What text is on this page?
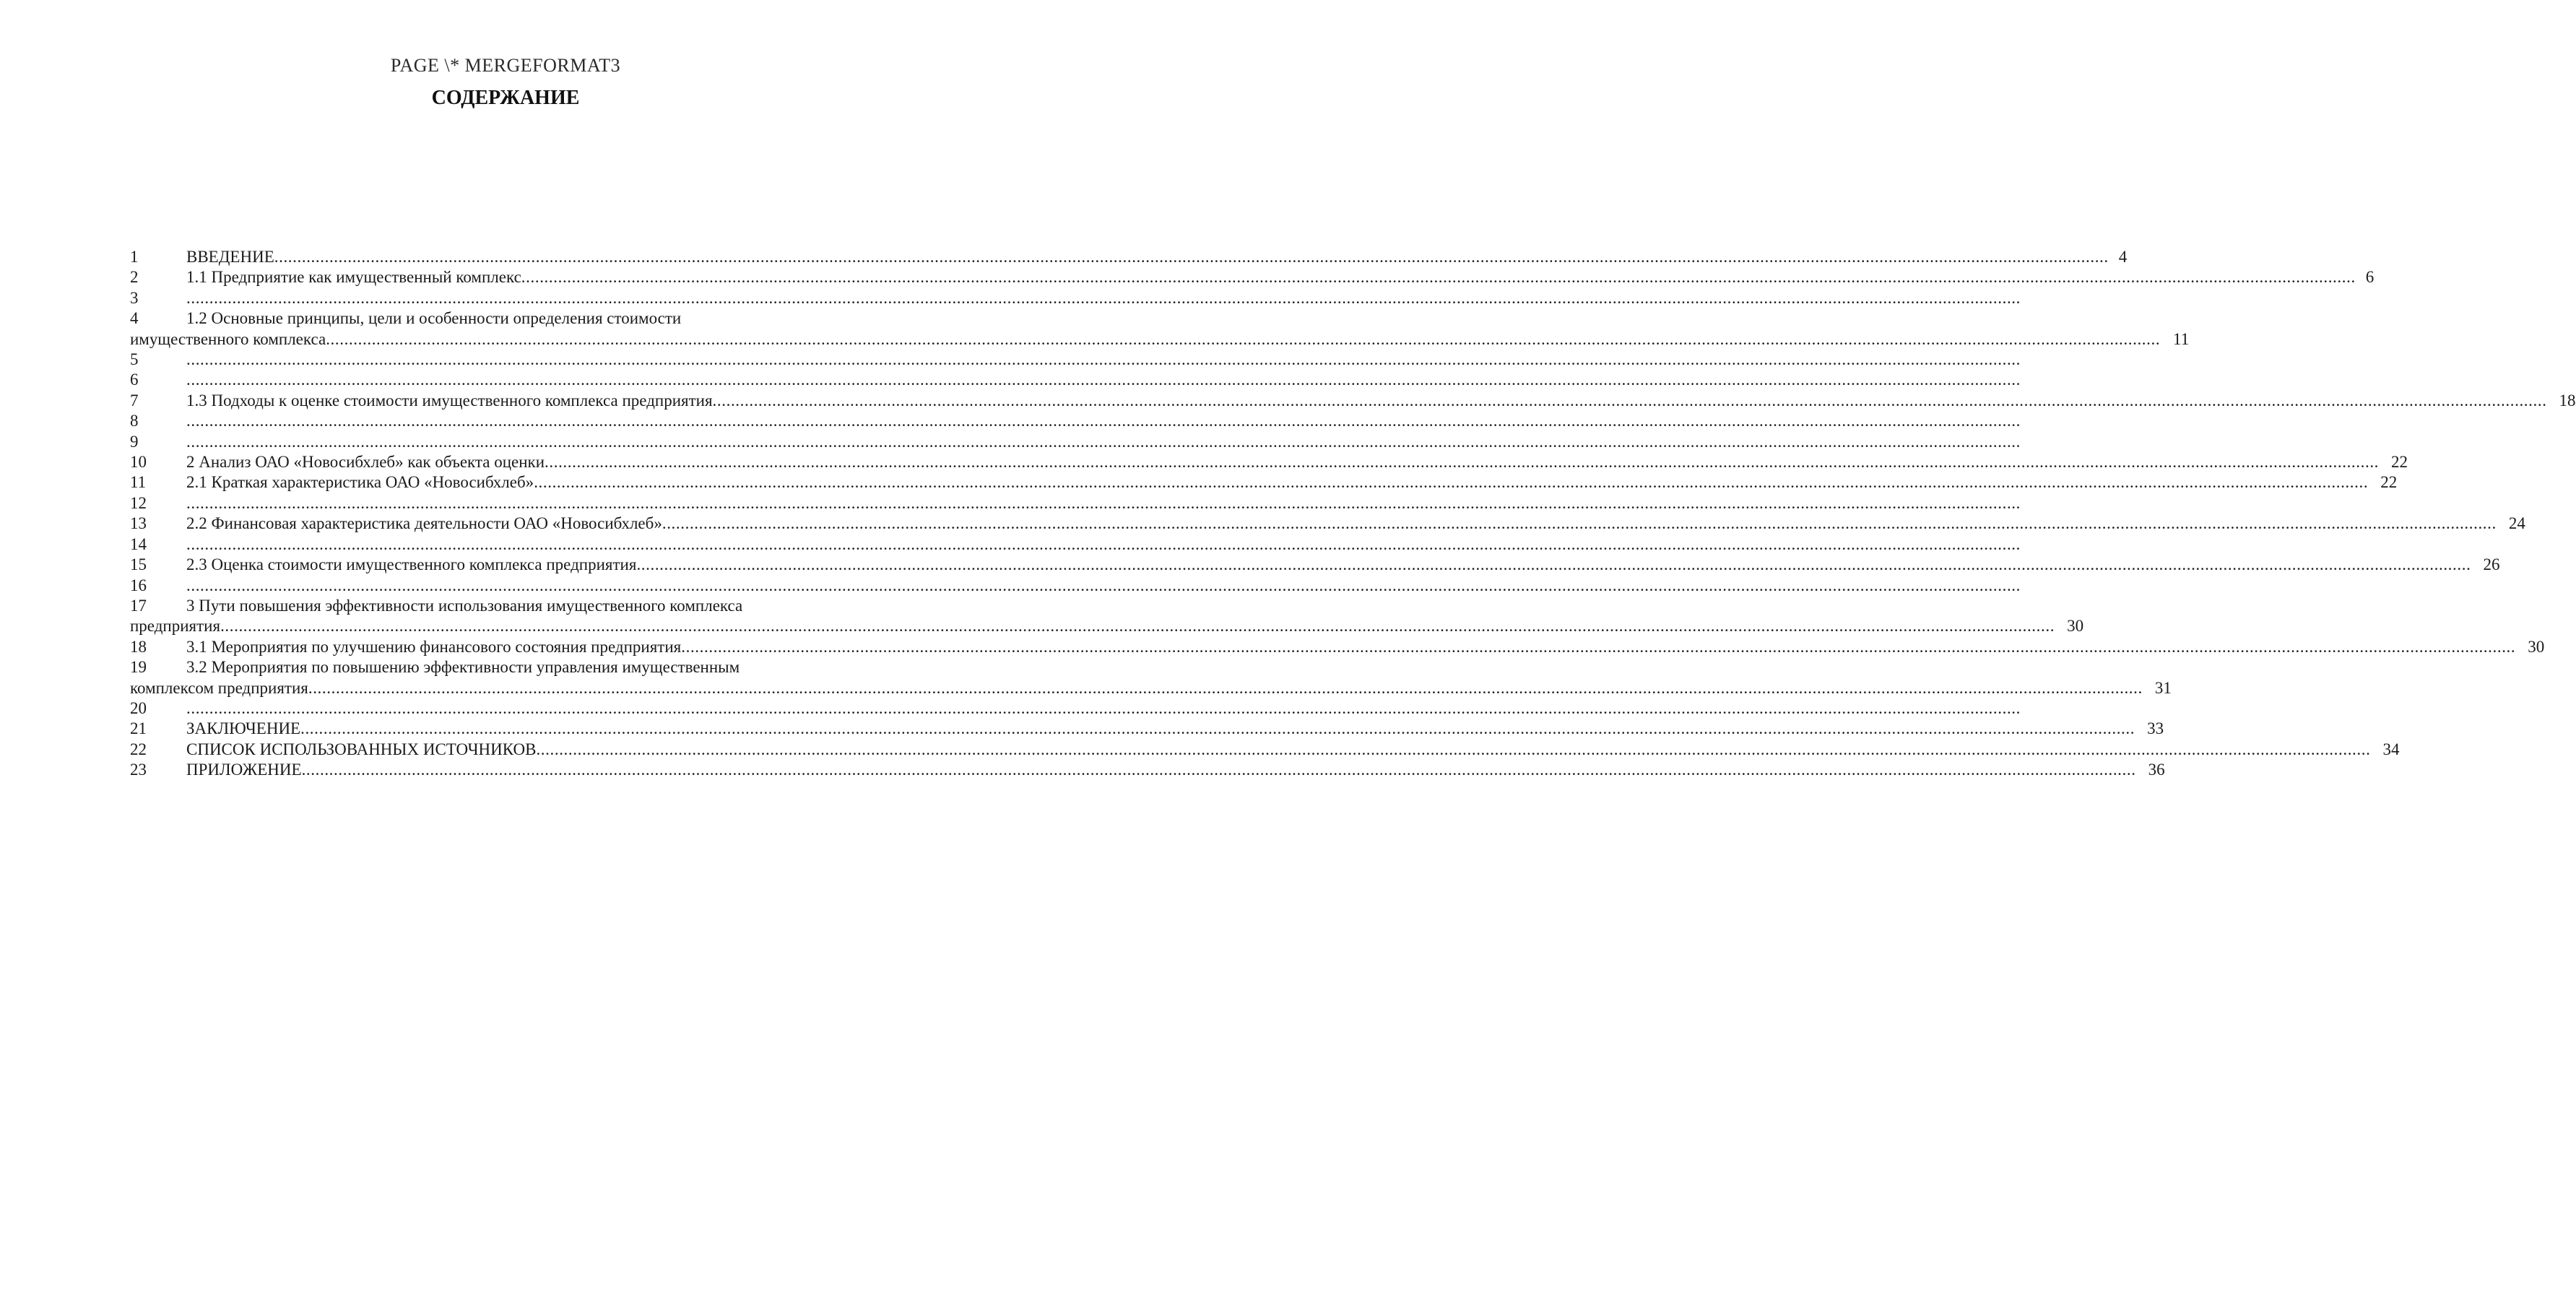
PAGE \* MERGEFORMAT3
СОДЕРЖАНИЕ
1	ВВЕДЕНИЕ ................................................................................................................................................................................................................................................................................................................................................................................................................ 4
2	1.1 Предприятие как имущественный комплекс ................................................................................................................................................................................................................................................................................................................................................................................................................ 6
3	................................................................................................................................................................................................................................................................................................................................................................................................................
4	1.2 Основные принципы, цели и особенности определения стоимости
имущественного комплекса ................................................................................................................................................................................................................................................................................................................................................................................................................ 11
5	................................................................................................................................................................................................................................................................................................................................................................................................................
6	................................................................................................................................................................................................................................................................................................................................................................................................................
7	1.3 Подходы к оценке стоимости имущественного комплекса предприятия ................................................................................................................................................................................................................................................................................................................................................................................................................ 18
8	................................................................................................................................................................................................................................................................................................................................................................................................................
9	................................................................................................................................................................................................................................................................................................................................................................................................................
10	2 Анализ ОАО «Новосибхлеб» как объекта оценки ................................................................................................................................................................................................................................................................................................................................................................................................................ 22
11	2.1 Краткая характеристика ОАО «Новосибхлеб» ................................................................................................................................................................................................................................................................................................................................................................................................................ 22
12	................................................................................................................................................................................................................................................................................................................................................................................................................
13	2.2 Финансовая характеристика деятельности ОАО «Новосибхлеб» ................................................................................................................................................................................................................................................................................................................................................................................................................ 24
14	................................................................................................................................................................................................................................................................................................................................................................................................................
15	2.3 Оценка стоимости имущественного комплекса предприятия ................................................................................................................................................................................................................................................................................................................................................................................................................ 26
16	................................................................................................................................................................................................................................................................................................................................................................................................................
17	3 Пути повышения эффективности использования имущественного комплекса
предприятия ................................................................................................................................................................................................................................................................................................................................................................................................................ 30
18	3.1 Мероприятия по улучшению финансового состояния предприятия ................................................................................................................................................................................................................................................................................................................................................................................................................ 30
19	3.2 Мероприятия по повышению эффективности управления имущественным
комплексом предприятия ................................................................................................................................................................................................................................................................................................................................................................................................................ 31
20	................................................................................................................................................................................................................................................................................................................................................................................................................
21	ЗАКЛЮЧЕНИЕ ................................................................................................................................................................................................................................................................................................................................................................................................................ 33
22	СПИСОК ИСПОЛЬЗОВАННЫХ ИСТОЧНИКОВ ................................................................................................................................................................................................................................................................................................................................................................................................................ 34
23	ПРИЛОЖЕНИЕ ................................................................................................................................................................................................................................................................................................................................................................................................................ 36
